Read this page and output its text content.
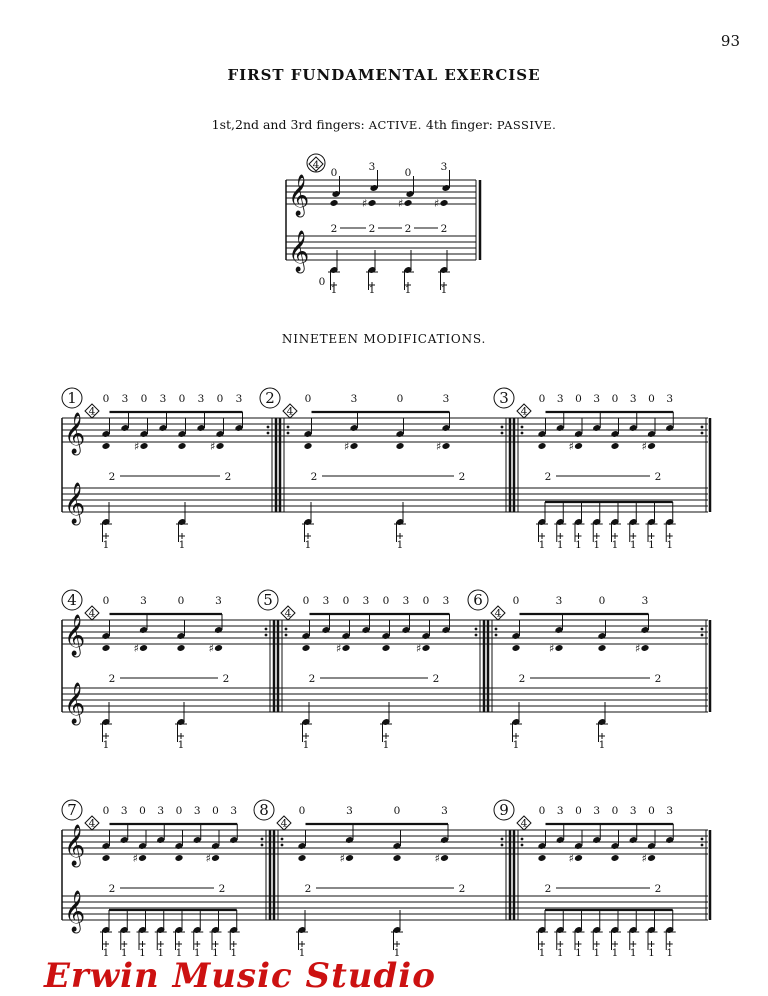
93
FIRST FUNDAMENTAL EXERCISE
1st,2nd and 3rd fingers: ACTIVE. 4th finger: PASSIVE.
NINETEEN MODIFICATIONS.
𝄞
𝄞
4
0
2
1
3
♯
2
1
0
♯
2
1
3
♯
2
1
0
𝄞
𝄞
1
4
0 3 0 3 0 3 0 3
♯	♯
2	2
1	1
2
4
0	3	0	3
♯	♯
2	2
1	1
3
4
0 3 0 3 0 3 0 3
♯	♯
2	2
1 1 1 1 1 1 1 1
𝄞
𝄞
4
4
0	3	0	3
♯	♯
2	2
1	1
5
4
0 3 0 3 0 3 0 3
♯	♯
2	2
1	1
6
4
0	3	0	3
♯	♯
2	2
1	1
𝄞
𝄞
7
4
0 3 0 3 0 3 0 3
♯	♯
2	2
1 1 1 1 1 1 1 1
8
4
0	3	0	3
♯	♯
2	2
1	1
9
4
0 3 0 3 0 3 0 3
♯	♯
2	2
1 1 1 1 1 1 1 1
Erwin Music Studio
